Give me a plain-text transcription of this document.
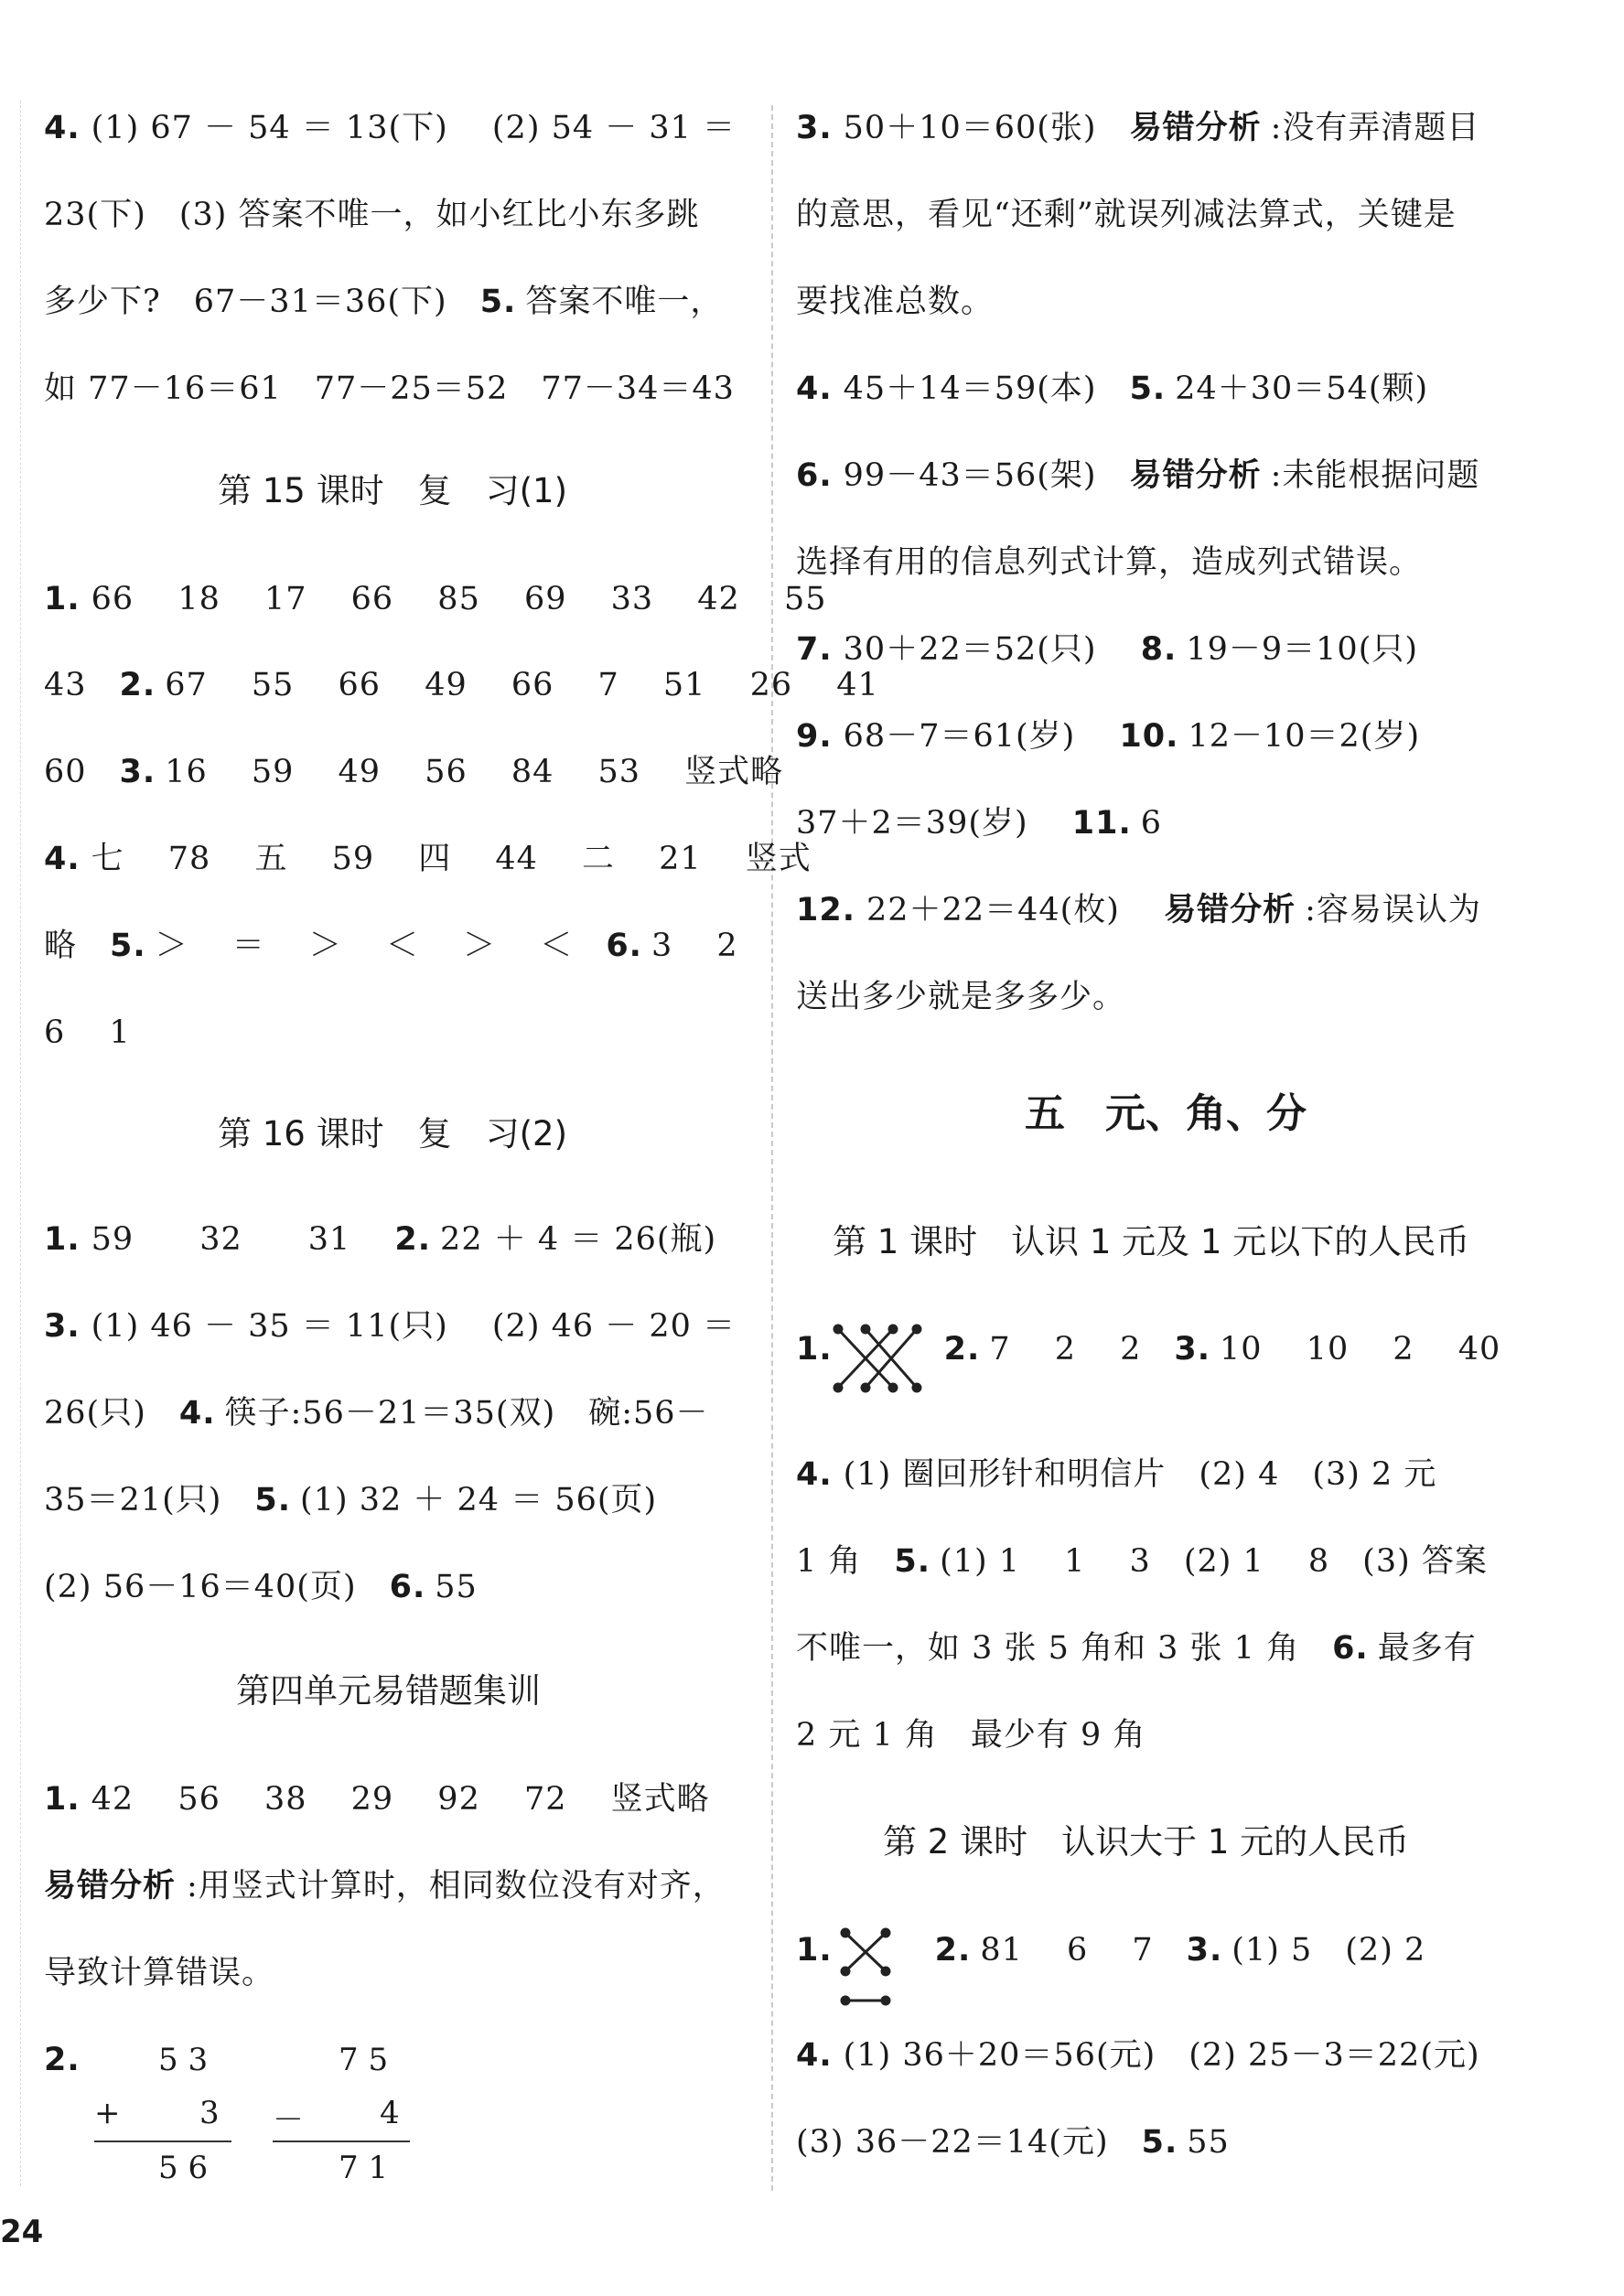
4. (1) 67 － 54 ＝ 13(下)　 (2) 54 － 31 ＝
23(下)　(3) 答案不唯一，如小红比小东多跳
多少下?　67－31＝36(下)　5. 答案不唯一，
如 77－16＝61　77－25＝52　77－34＝43
第 15 课时　复　习(1)
1. 66　 18　 17　 66　 85　 69　 33　 42　 55
43　2. 67　 55　 66　 49　 66　 7　 51　 26　 41
60　3. 16　 59　 49　 56　 84　 53　 竖式略
4. 七　 78　 五　 59　 四　 44　 二　 21　 竖式
略　5. ＞　 ＝　 ＞　 ＜　 ＞　 ＜　6. 3　 2
6　 1
第 16 课时　复　习(2)
1. 59　　32　　31　 2. 22 ＋ 4 ＝ 26(瓶)
3. (1) 46 － 35 ＝ 11(只)　 (2) 46 － 20 ＝
26(只)　4. 筷子:56－21＝35(双)　碗:56－
35＝21(只)　5. (1) 32 ＋ 24 ＝ 56(页)
(2) 56－16＝40(页)　6. 55
第四单元易错题集训
1. 42　 56　 38　 29　 92　 72　 竖式略
易错分析 :用竖式计算时，相同数位没有对齐，
导致计算错误。
2.	5 3
+	3
5 6
7 5
－ 4
7 1
3. 50＋10＝60(张)　易错分析 :没有弄清题目
的意思，看见“还剩”就误列减法算式，关键是
要找准总数。
4. 45＋14＝59(本)　5. 24＋30＝54(颗)
6. 99－43＝56(架)　易错分析 :未能根据问题
选择有用的信息列式计算，造成列式错误。
7. 30＋22＝52(只)　 8. 19－9＝10(只)
9. 68－7＝61(岁)　 10. 12－10＝2(岁)
37＋2＝39(岁)　 11. 6
12. 22＋22＝44(枚)　 易错分析 :容易误认为
送出多少就是多多少。
五　元、角、分
第 1 课时　认识 1 元及 1 元以下的人民币
1.	2. 7　 2　 2　3. 10　 10　 2　 40
4. (1) 圈回形针和明信片　(2) 4　(3) 2 元
1 角　5. (1) 1　 1　 3　(2) 1　 8　(3) 答案
不唯一，如 3 张 5 角和 3 张 1 角　6. 最多有
2 元 1 角　最少有 9 角
第 2 课时　认识大于 1 元的人民币
1.	2. 81　 6　 7　3. (1) 5　(2) 2
4. (1) 36＋20＝56(元)　(2) 25－3＝22(元)
(3) 36－22＝14(元)　5. 55
24
